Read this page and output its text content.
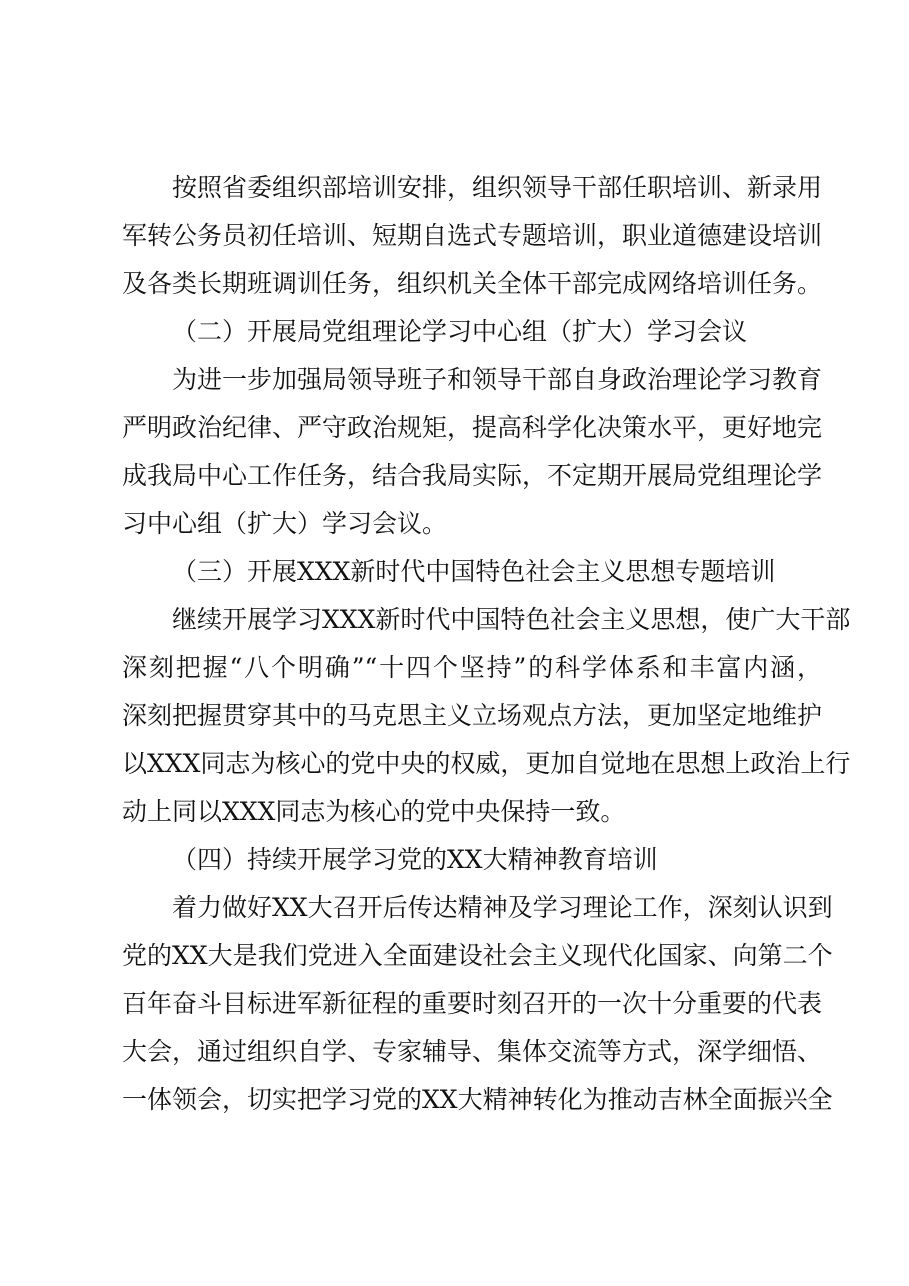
按照省委组织部培训安排，组织领导干部任职培训、新录用
军转公务员初任培训、短期自选式专题培训，职业道德建设培训
及各类长期班调训任务，组织机关全体干部完成网络培训任务。
（二）开展局党组理论学习中心组（扩大）学习会议
为进一步加强局领导班子和领导干部自身政治理论学习教育
严明政治纪律、严守政治规矩，提高科学化决策水平，更好地完
成我局中心工作任务，结合我局实际，不定期开展局党组理论学
习中心组（扩大）学习会议。
（三）开展XXX新时代中国特色社会主义思想专题培训
继续开展学习XXX新时代中国特色社会主义思想，使广大干部
深刻把握“八个明确”“十四个坚持”的科学体系和丰富内涵，
深刻把握贯穿其中的马克思主义立场观点方法，更加坚定地维护
以XXX同志为核心的党中央的权威，更加自觉地在思想上政治上行
动上同以XXX同志为核心的党中央保持一致。
（四）持续开展学习党的XX大精神教育培训
着力做好XX大召开后传达精神及学习理论工作，深刻认识到
党的XX大是我们党进入全面建设社会主义现代化国家、向第二个
百年奋斗目标进军新征程的重要时刻召开的一次十分重要的代表
大会，通过组织自学、专家辅导、集体交流等方式，深学细悟、
一体领会，切实把学习党的XX大精神转化为推动吉林全面振兴全
